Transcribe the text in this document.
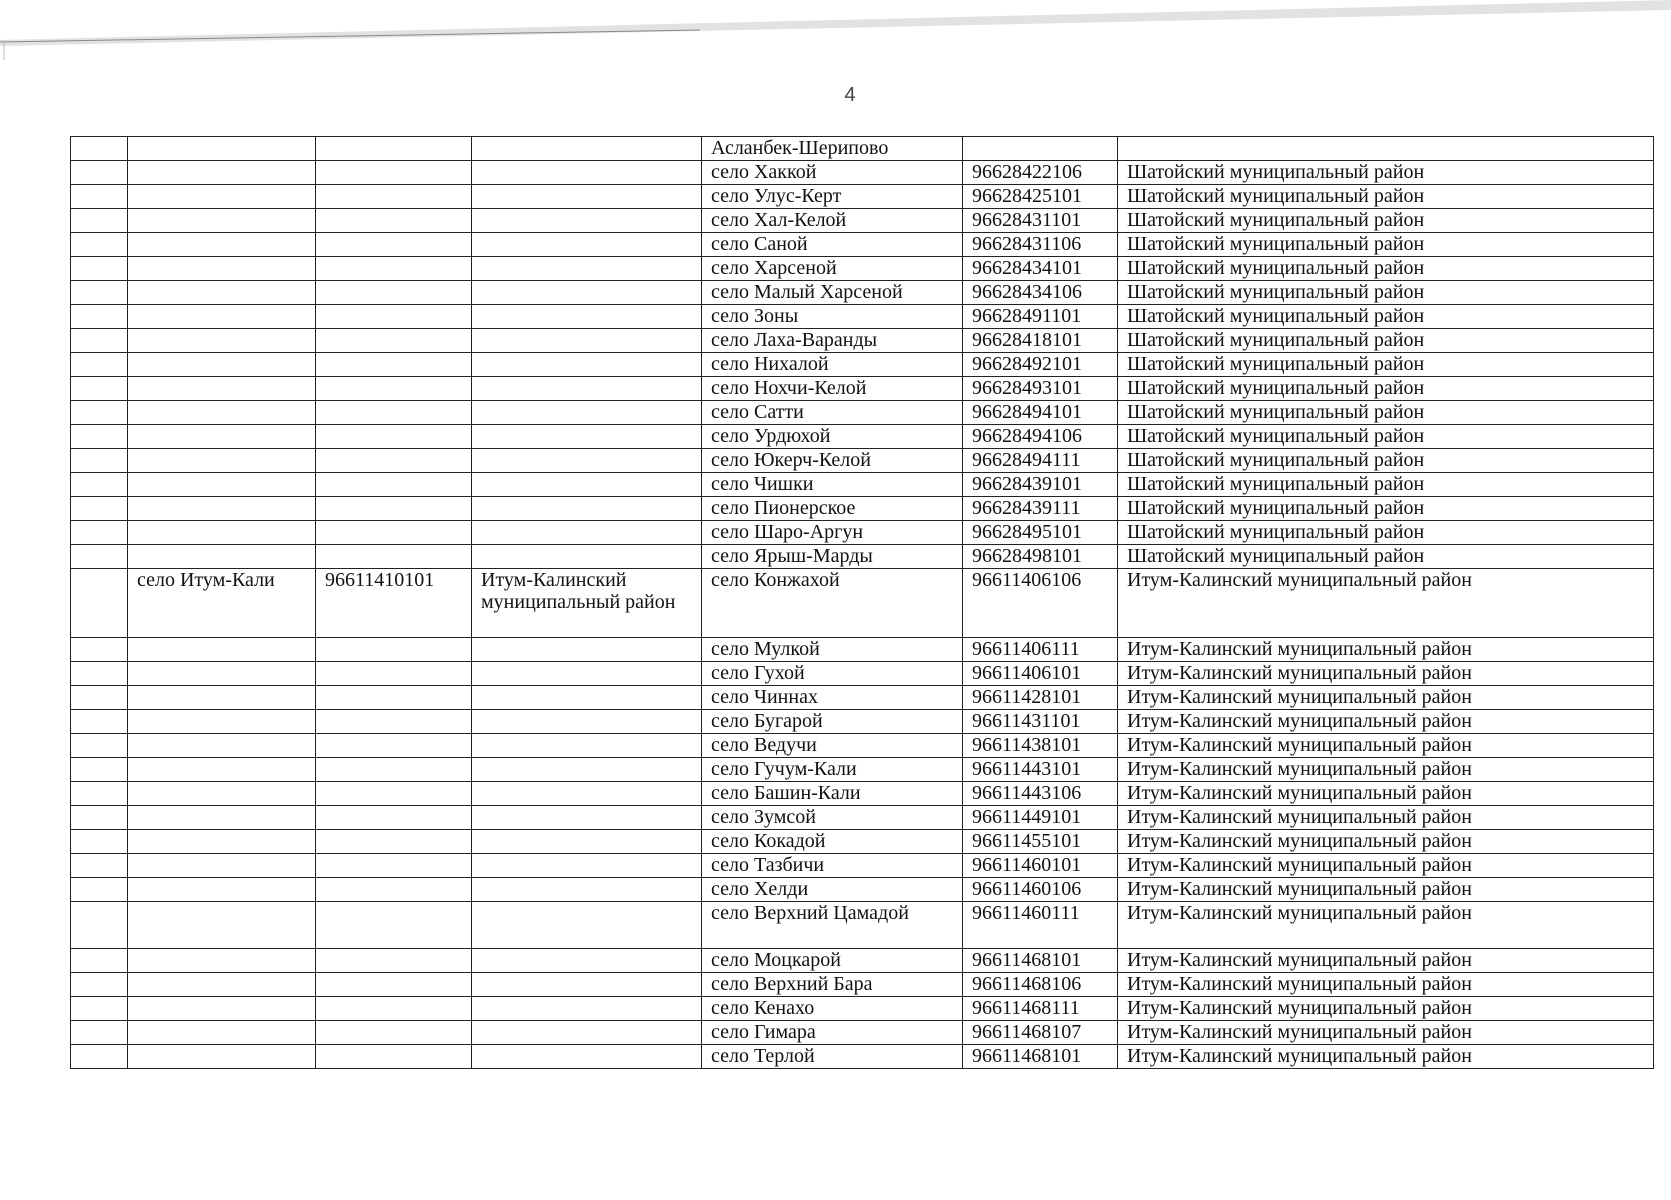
4
				Асланбек-Шерипово		
				село Хаккой	96628422106	Шатойский муниципальный район
				село Улус-Керт	96628425101	Шатойский муниципальный район
				село Хал-Келой	96628431101	Шатойский муниципальный район
				село Саной	96628431106	Шатойский муниципальный район
				село Харсеной	96628434101	Шатойский муниципальный район
				село Малый Харсеной	96628434106	Шатойский муниципальный район
				село Зоны	96628491101	Шатойский муниципальный район
				село Лаха-Варанды	96628418101	Шатойский муниципальный район
				село Нихалой	96628492101	Шатойский муниципальный район
				село Нохчи-Келой	96628493101	Шатойский муниципальный район
				село Сатти	96628494101	Шатойский муниципальный район
				село Урдюхой	96628494106	Шатойский муниципальный район
				село Юкерч-Келой	96628494111	Шатойский муниципальный район
				село Чишки	96628439101	Шатойский муниципальный район
				село Пионерское	96628439111	Шатойский муниципальный район
				село Шаро-Аргун	96628495101	Шатойский муниципальный район
				село Ярыш-Марды	96628498101	Шатойский муниципальный район
	село Итум-Кали	96611410101	Итум-Калинский муниципальный район	село Конжахой	96611406106	Итум-Калинский муниципальный район
				село Мулкой	96611406111	Итум-Калинский муниципальный район
				село Гухой	96611406101	Итум-Калинский муниципальный район
				село Чиннах	96611428101	Итум-Калинский муниципальный район
				село Бугарой	96611431101	Итум-Калинский муниципальный район
				село Ведучи	96611438101	Итум-Калинский муниципальный район
				село Гучум-Кали	96611443101	Итум-Калинский муниципальный район
				село Башин-Кали	96611443106	Итум-Калинский муниципальный район
				село Зумсой	96611449101	Итум-Калинский муниципальный район
				село Кокадой	96611455101	Итум-Калинский муниципальный район
				село Тазбичи	96611460101	Итум-Калинский муниципальный район
				село Хелди	96611460106	Итум-Калинский муниципальный район
				село Верхний Цамадой	96611460111	Итум-Калинский муниципальный район
				село Моцкарой	96611468101	Итум-Калинский муниципальный район
				село Верхний Бара	96611468106	Итум-Калинский муниципальный район
				село Кенахо	96611468111	Итум-Калинский муниципальный район
				село Гимара	96611468107	Итум-Калинский муниципальный район
				село Терлой	96611468101	Итум-Калинский муниципальный район
